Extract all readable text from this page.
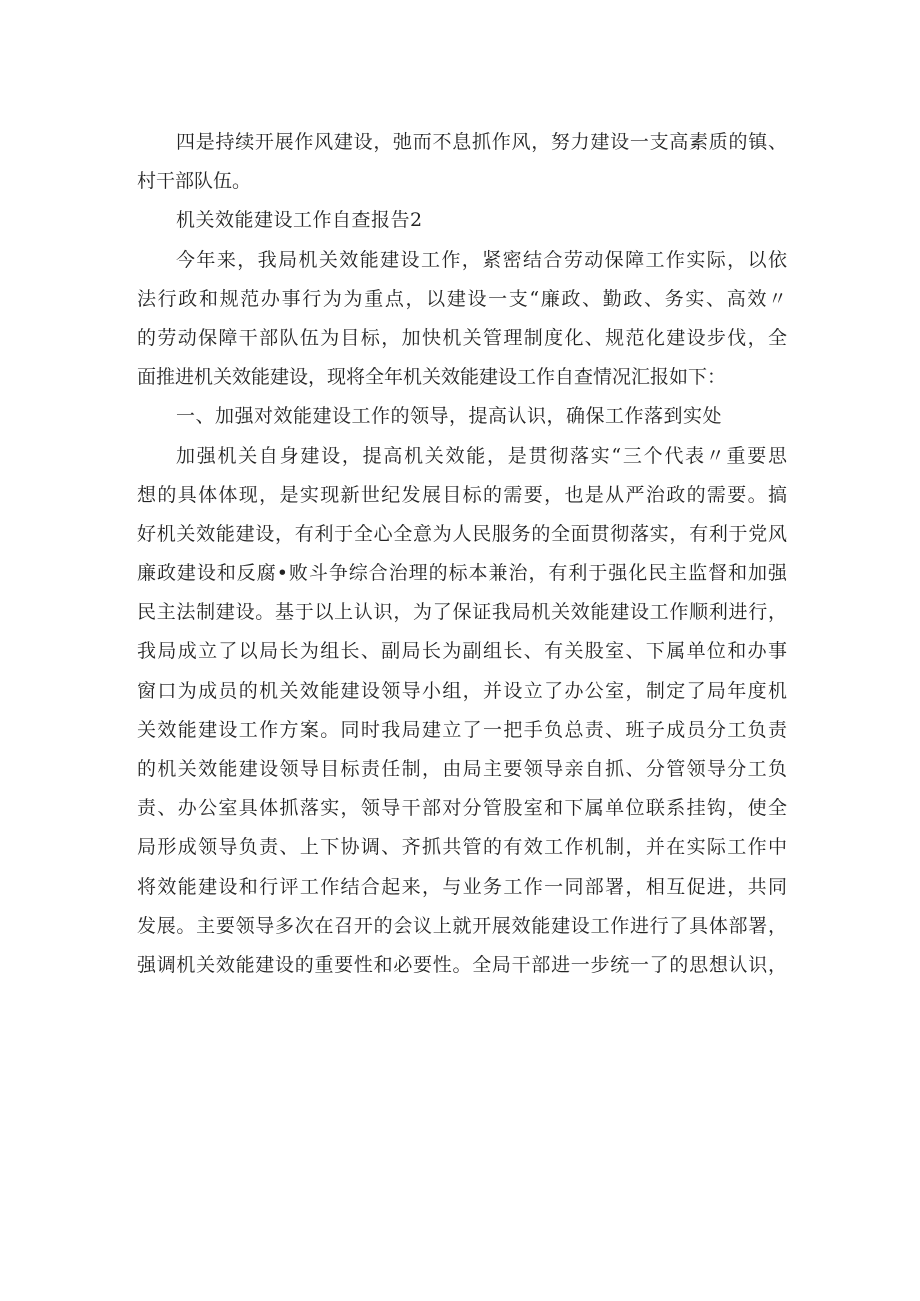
四是持续开展作风建设，弛而不息抓作风，努力建设一支高素质的镇、
村干部队伍。
机关效能建设工作自查报告2
今年来，我局机关效能建设工作，紧密结合劳动保障工作实际，以依
法行政和规范办事行为为重点，以建设一支“廉政、勤政、务实、高效〃
的劳动保障干部队伍为目标，加快机关管理制度化、规范化建设步伐，全
面推进机关效能建设，现将全年机关效能建设工作自查情况汇报如下：
一、加强对效能建设工作的领导，提高认识，确保工作落到实处
加强机关自身建设，提高机关效能，是贯彻落实“三个代表〃重要思
想的具体体现，是实现新世纪发展目标的需要，也是从严治政的需要。搞
好机关效能建设，有利于全心全意为人民服务的全面贯彻落实，有利于党风
廉政建设和反腐•败斗争综合治理的标本兼治，有利于强化民主监督和加强
民主法制建设。基于以上认识，为了保证我局机关效能建设工作顺利进行，
我局成立了以局长为组长、副局长为副组长、有关股室、下属单位和办事
窗口为成员的机关效能建设领导小组，并设立了办公室，制定了局年度机
关效能建设工作方案。同时我局建立了一把手负总责、班子成员分工负责
的机关效能建设领导目标责任制，由局主要领导亲自抓、分管领导分工负
责、办公室具体抓落实，领导干部对分管股室和下属单位联系挂钩，使全
局形成领导负责、上下协调、齐抓共管的有效工作机制，并在实际工作中
将效能建设和行评工作结合起来，与业务工作一同部署，相互促进，共同
发展。主要领导多次在召开的会议上就开展效能建设工作进行了具体部署，
强调机关效能建设的重要性和必要性。全局干部进一步统一了的思想认识，
